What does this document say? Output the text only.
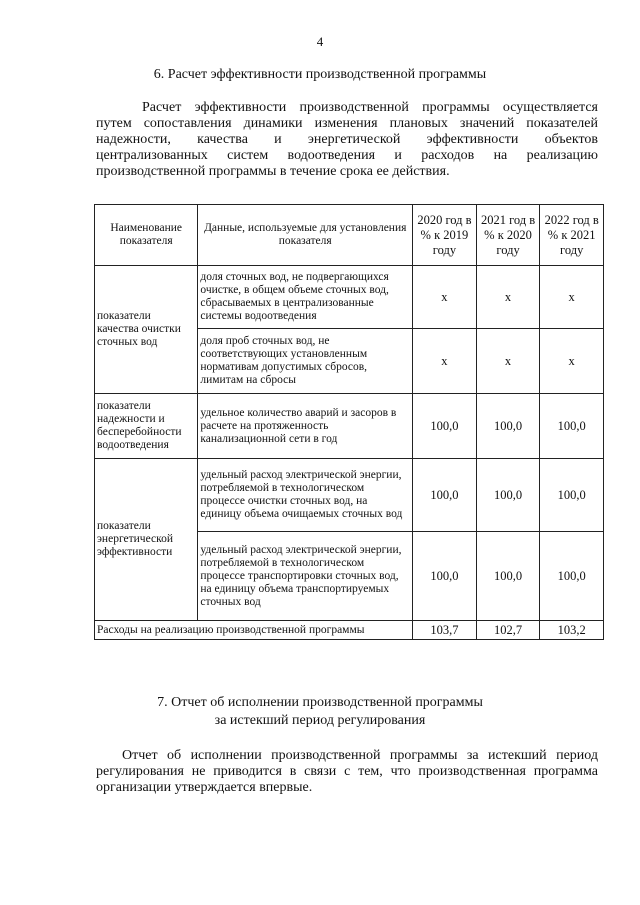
4
6. Расчет эффективности производственной программы
Расчет эффективности производственной программы осуществляется
путем сопоставления динамики изменения плановых значений показателей
надежности, качества и энергетической эффективности объектов
централизованных систем водоотведения и расходов на реализацию
производственной программы в течение срока ее действия.
Наименование показателя	Данные, используемые для установления показателя	2020 год в % к 2019 году	2021 год в % к 2020 году	2022 год в % к 2021 году
показатели качества очистки сточных вод	доля сточных вод, не подвергающихся очистке, в общем объеме сточных вод, сбрасываемых в централизованные системы водоотведения	x	x	x
	доля проб сточных вод, не соответствующих установленным нормативам допустимых сбросов, лимитам на сбросы	x	x	x
показатели надежности и бесперебойности водоотведения	удельное количество аварий и засоров в расчете на протяженность канализационной сети в год	100,0	100,0	100,0
показатели энергетической эффективности	удельный расход электрической энергии, потребляемой в технологическом процессе очистки сточных вод, на единицу объема очищаемых сточных вод	100,0	100,0	100,0
	удельный расход электрической энергии, потребляемой в технологическом процессе транспортировки сточных вод, на единицу объема транспортируемых сточных вод	100,0	100,0	100,0
Расходы на реализацию производственной программы		103,7	102,7	103,2
7. Отчет об исполнении производственной программы
за истекший период регулирования
Отчет об исполнении производственной программы за истекший период
регулирования не приводится в связи с тем, что производственная программа
организации утверждается впервые.
